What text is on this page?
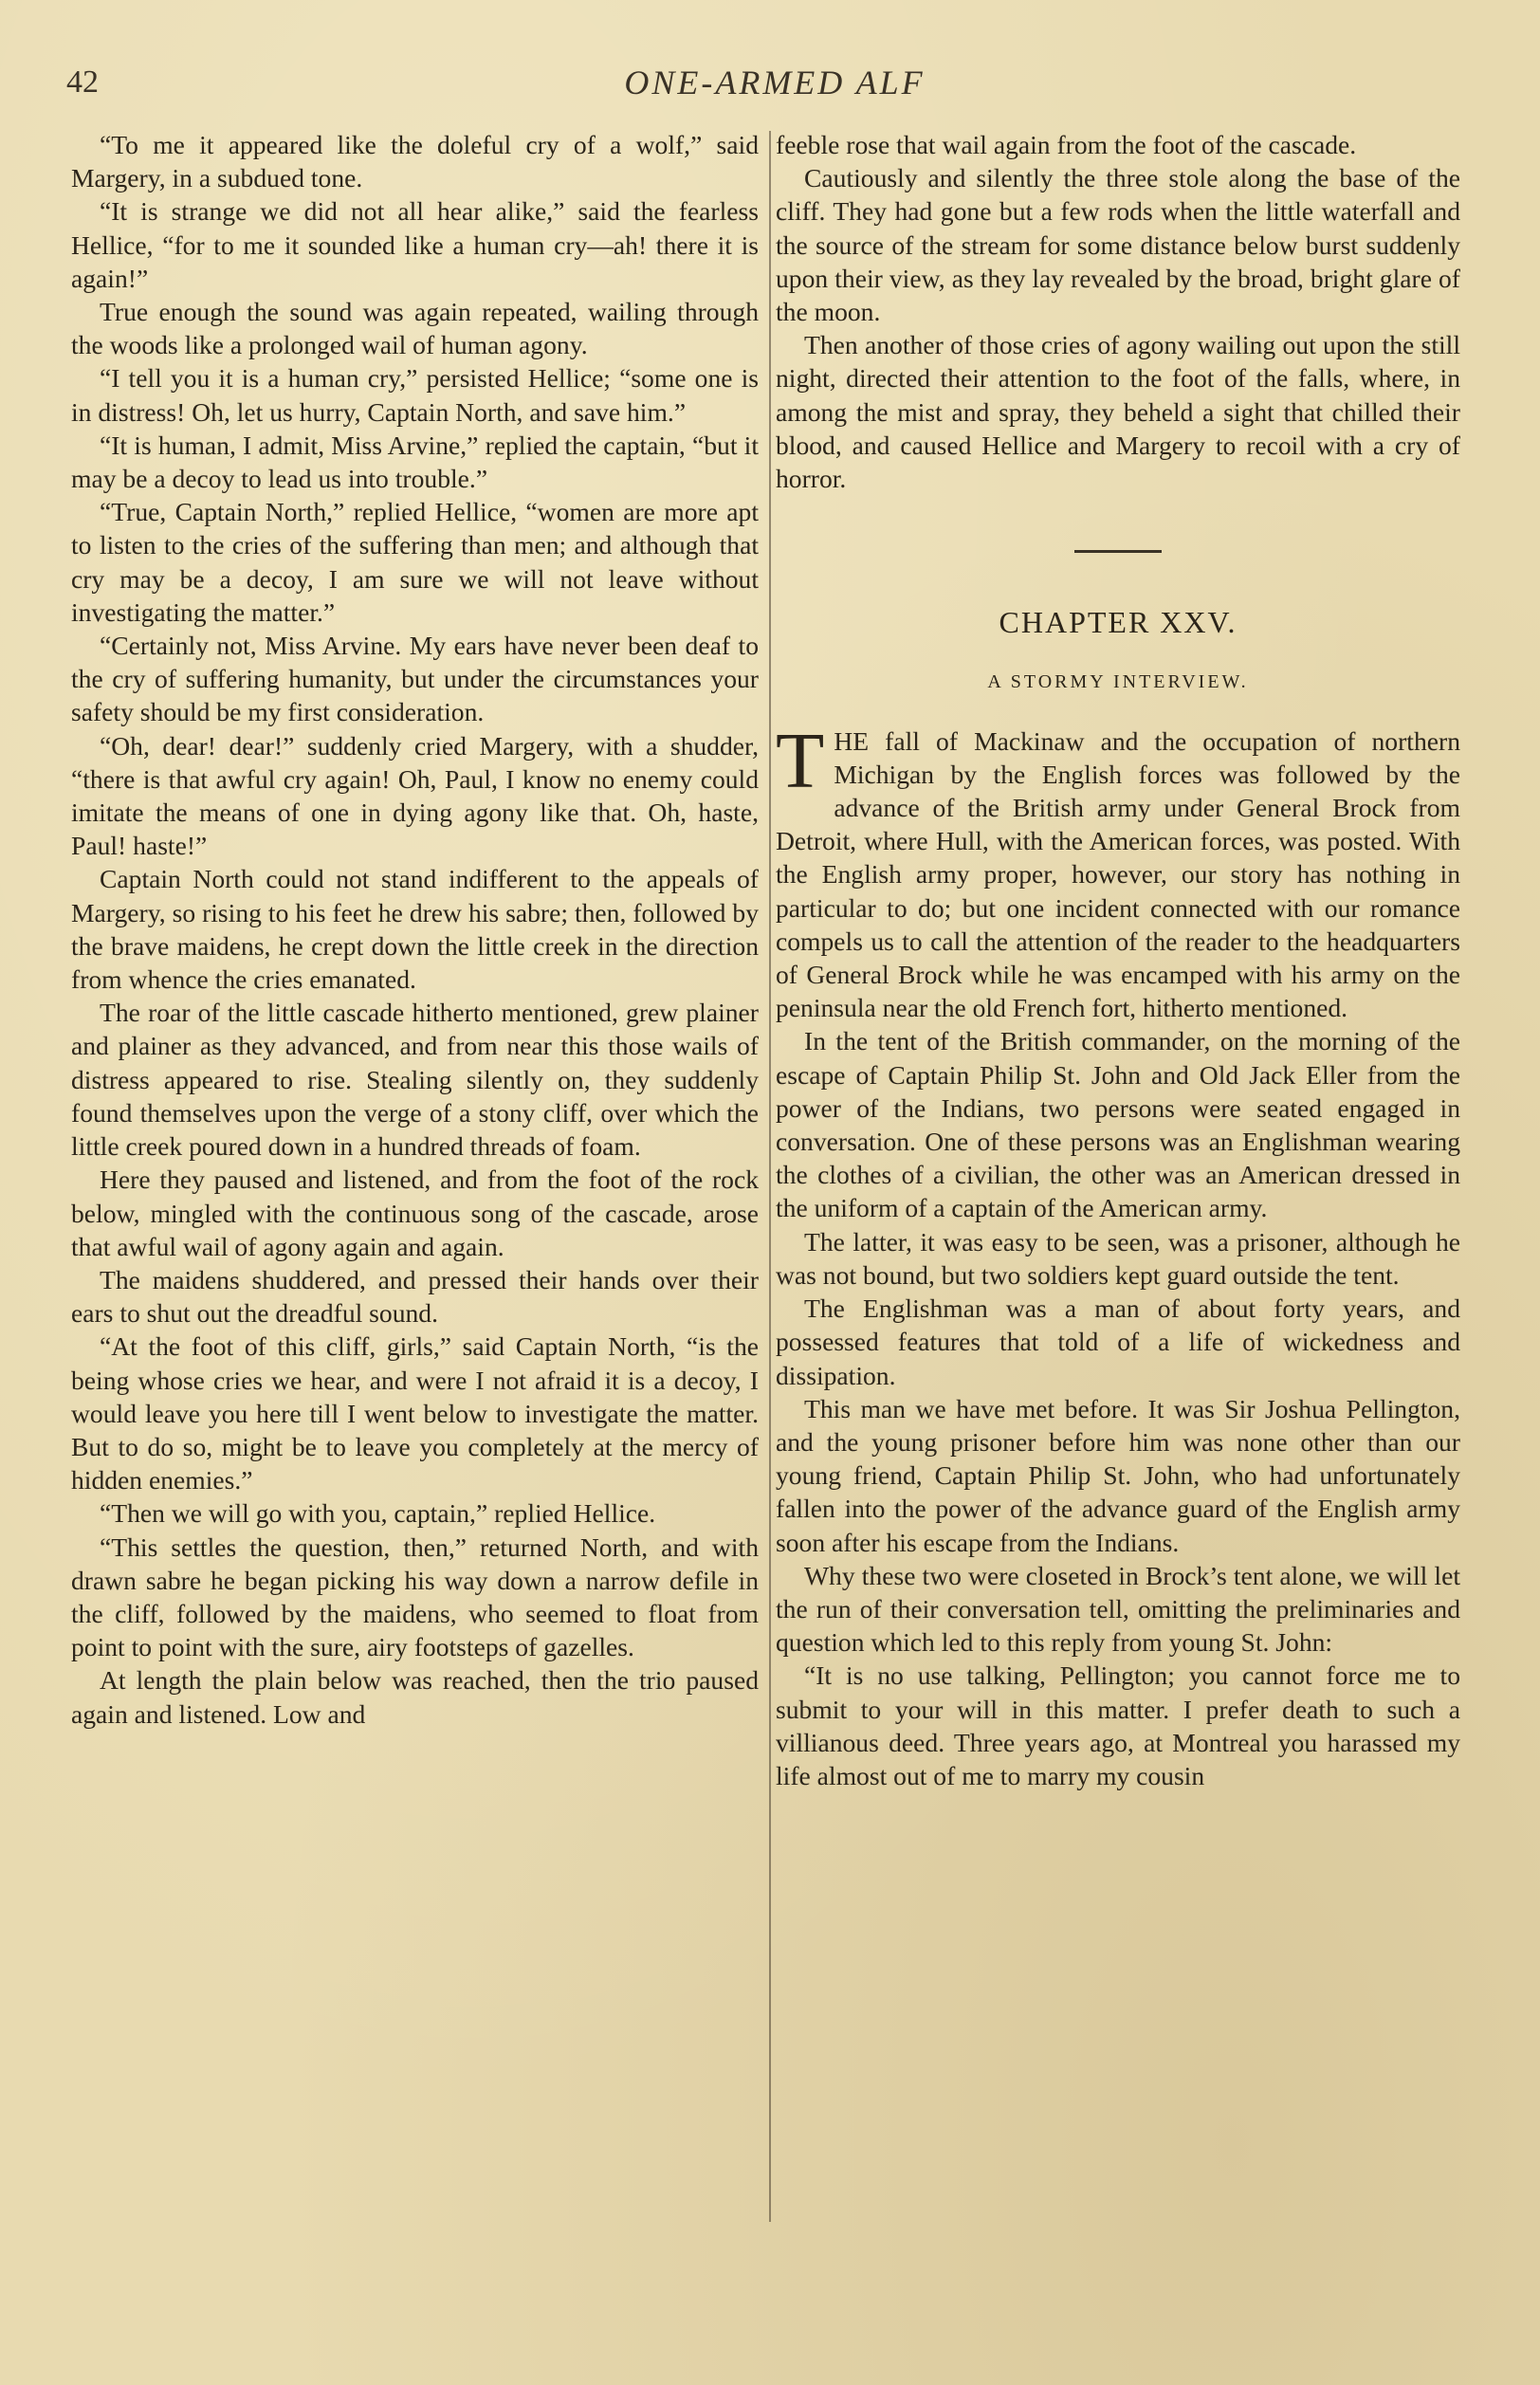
42	ONE-ARMED ALF

“To me it appeared like the doleful cry of a wolf,” said Margery, in a subdued tone.

“It is strange we did not all hear alike,” said the fearless Hellice, “for to me it sounded like a human cry—ah! there it is again!”

True enough the sound was again repeated, wailing through the woods like a prolonged wail of human agony.

“I tell you it is a human cry,” persisted Hellice; “some one is in distress! Oh, let us hurry, Captain North, and save him.”

“It is human, I admit, Miss Arvine,” replied the captain, “but it may be a decoy to lead us into trouble.”

“True, Captain North,” replied Hellice, “women are more apt to listen to the cries of the suffering than men; and although that cry may be a decoy, I am sure we will not leave without investigating the matter.”

“Certainly not, Miss Arvine. My ears have never been deaf to the cry of suffering humanity, but under the circumstances your safety should be my first consideration.

“Oh, dear! dear!” suddenly cried Margery, with a shudder, “there is that awful cry again! Oh, Paul, I know no enemy could imitate the means of one in dying agony like that. Oh, haste, Paul! haste!”

Captain North could not stand indifferent to the appeals of Margery, so rising to his feet he drew his sabre; then, followed by the brave maidens, he crept down the little creek in the direction from whence the cries emanated.

The roar of the little cascade hitherto mentioned, grew plainer and plainer as they advanced, and from near this those wails of distress appeared to rise. Stealing silently on, they suddenly found themselves upon the verge of a stony cliff, over which the little creek poured down in a hundred threads of foam.

Here they paused and listened, and from the foot of the rock below, mingled with the continuous song of the cascade, arose that awful wail of agony again and again.

The maidens shuddered, and pressed their hands over their ears to shut out the dreadful sound.

“At the foot of this cliff, girls,” said Captain North, “is the being whose cries we hear, and were I not afraid it is a decoy, I would leave you here till I went below to investigate the matter. But to do so, might be to leave you completely at the mercy of hidden enemies.”

“Then we will go with you, captain,” replied Hellice.

“This settles the question, then,” returned North, and with drawn sabre he began picking his way down a narrow defile in the cliff, followed by the maidens, who seemed to float from point to point with the sure, airy footsteps of gazelles.

At length the plain below was reached, then the trio paused again and listened. Low and

feeble rose that wail again from the foot of the cascade.

Cautiously and silently the three stole along the base of the cliff. They had gone but a few rods when the little waterfall and the source of the stream for some distance below burst suddenly upon their view, as they lay revealed by the broad, bright glare of the moon.

Then another of those cries of agony wailing out upon the still night, directed their attention to the foot of the falls, where, in among the mist and spray, they beheld a sight that chilled their blood, and caused Hellice and Margery to recoil with a cry of horror.

CHAPTER XXV.
A STORMY INTERVIEW.

THE fall of Mackinaw and the occupation of northern Michigan by the English forces was followed by the advance of the British army under General Brock from Detroit, where Hull, with the American forces, was posted. With the English army proper, however, our story has nothing in particular to do; but one incident connected with our romance compels us to call the attention of the reader to the headquarters of General Brock while he was encamped with his army on the peninsula near the old French fort, hitherto mentioned.

In the tent of the British commander, on the morning of the escape of Captain Philip St. John and Old Jack Eller from the power of the Indians, two persons were seated engaged in conversation. One of these persons was an Englishman wearing the clothes of a civilian, the other was an American dressed in the uniform of a captain of the American army.

The latter, it was easy to be seen, was a prisoner, although he was not bound, but two soldiers kept guard outside the tent.

The Englishman was a man of about forty years, and possessed features that told of a life of wickedness and dissipation.

This man we have met before. It was Sir Joshua Pellington, and the young prisoner before him was none other than our young friend, Captain Philip St. John, who had unfortunately fallen into the power of the advance guard of the English army soon after his escape from the Indians.

Why these two were closeted in Brock’s tent alone, we will let the run of their conversation tell, omitting the preliminaries and question which led to this reply from young St. John:

“It is no use talking, Pellington; you cannot force me to submit to your will in this matter. I prefer death to such a villianous deed. Three years ago, at Montreal you harassed my life almost out of me to marry my cousin
